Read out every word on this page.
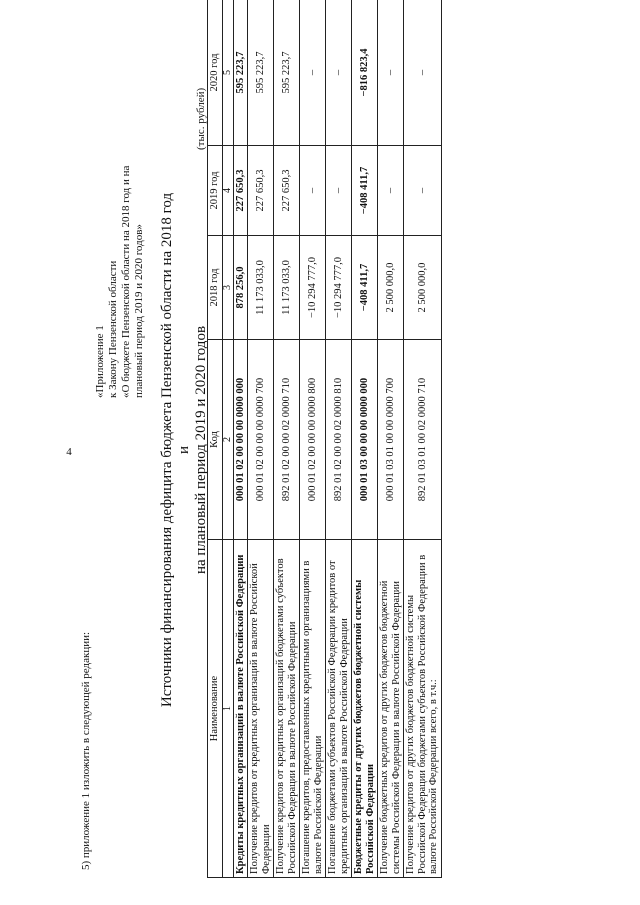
4
5) приложение 1 изложить в следующей редакции:
«Приложение 1 к Закону Пензенской области «О бюджете Пензенской области на 2018 год и на плановый период 2019 и 2020 годов» Источники финансирования дефицита бюджета Пензенской области на 2018 год и на плановый период 2019 и 2020 годов
(тыс. рублей)
Наименование	Код	2018 год	2019 год	2020 год
1	2	3	4	5
Кредиты кредитных организаций в валюте Российской Федерации	000 01 02 00 00 00 0000 000	878 256,0	227 650,3	595 223,7
Получение кредитов от кредитных организаций в валюте Российской Федерации	000 01 02 00 00 00 0000 700	11 173 033,0	227 650,3	595 223,7
Получение кредитов от кредитных организаций бюджетами субъектов Российской Федерации в валюте Российской Федерации	892 01 02 00 00 02 0000 710	11 173 033,0	227 650,3	595 223,7
Погашение кредитов, предоставленных кредитными организациями в валюте Российской Федерации	000 01 02 00 00 00 0000 800	−10 294 777,0	–	–
Погашение бюджетами субъектов Российской Федерации кредитов от кредитных организаций в валюте Российской Федерации	892 01 02 00 00 02 0000 810	−10 294 777,0	–	–
Бюджетные кредиты от других бюджетов бюджетной системы Российской Федерации	000 01 03 00 00 00 0000 000	−408 411,7	−408 411,7	−816 823,4
Получение бюджетных кредитов от других бюджетов бюджетной системы Российской Федерации в валюте Российской Федерации	000 01 03 01 00 00 0000 700	2 500 000,0	–	–
Получение кредитов от других бюджетов бюджетной системы Российской Федерации бюджетами субъектов Российской Федерации в валюте Российской Федерации всего, в т.ч.:	892 01 03 01 00 02 0000 710	2 500 000,0	–	–
